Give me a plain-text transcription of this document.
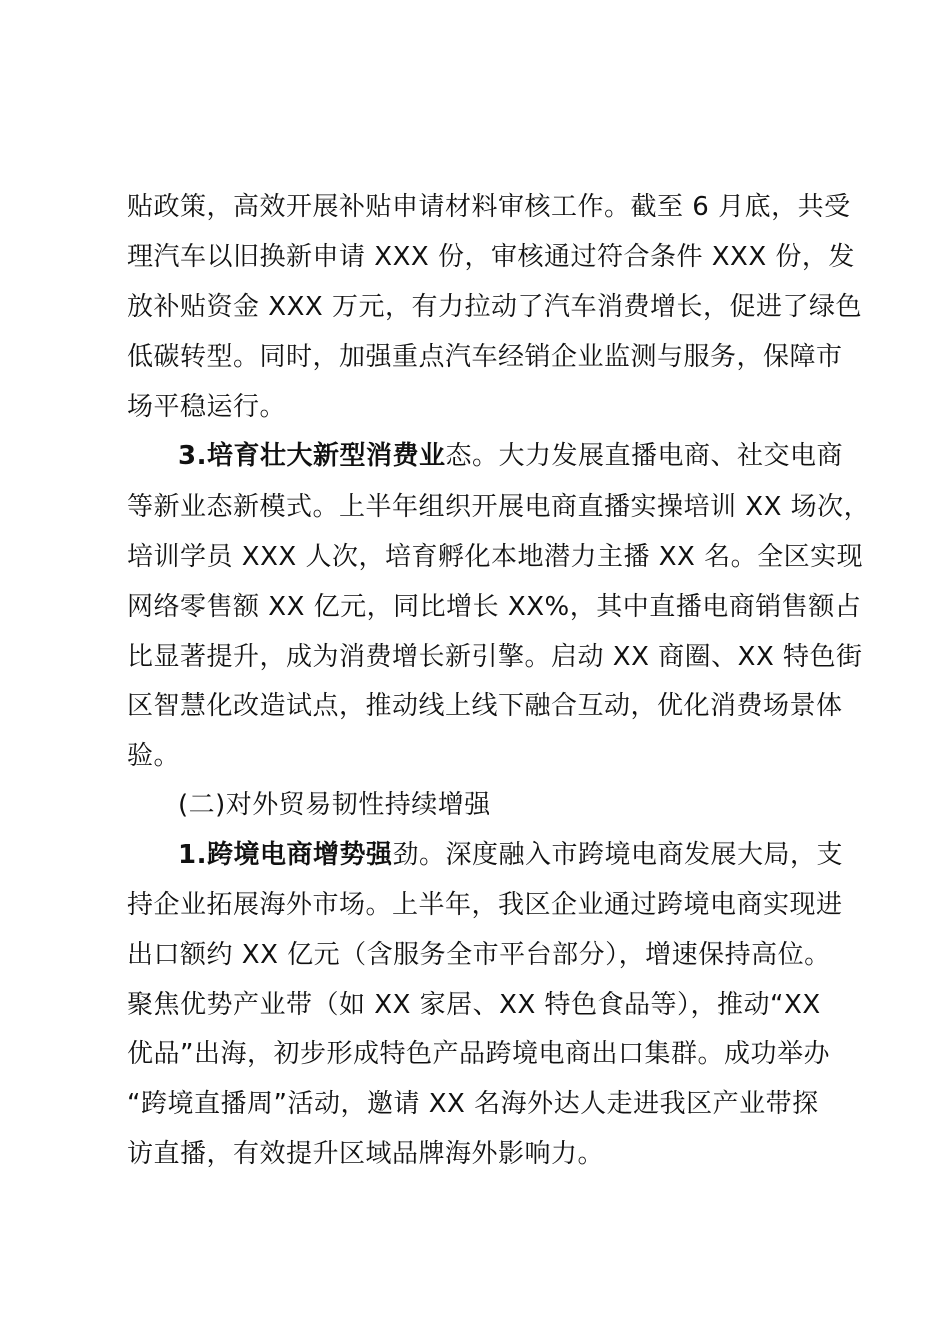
贴政策，高效开展补贴申请材料审核工作。截至 6 月底，共受
理汽车以旧换新申请 XXX 份，审核通过符合条件 XXX 份，发
放补贴资金 XXX 万元，有力拉动了汽车消费增长，促进了绿色
低碳转型。同时，加强重点汽车经销企业监测与服务，保障市
场平稳运行。
3.培育壮大新型消费业态。大力发展直播电商、社交电商
等新业态新模式。上半年组织开展电商直播实操培训 XX 场次，
培训学员 XXX 人次，培育孵化本地潜力主播 XX 名。全区实现
网络零售额 XX 亿元，同比增长 XX%，其中直播电商销售额占
比显著提升，成为消费增长新引擎。启动 XX 商圈、XX 特色街
区智慧化改造试点，推动线上线下融合互动，优化消费场景体
验。
(二)对外贸易韧性持续增强
1.跨境电商增势强劲。深度融入市跨境电商发展大局，支
持企业拓展海外市场。上半年，我区企业通过跨境电商实现进
出口额约 XX 亿元（含服务全市平台部分），增速保持高位。
聚焦优势产业带（如 XX 家居、XX 特色食品等），推动“XX
优品”出海，初步形成特色产品跨境电商出口集群。成功举办
“跨境直播周”活动，邀请 XX 名海外达人走进我区产业带探
访直播，有效提升区域品牌海外影响力。
